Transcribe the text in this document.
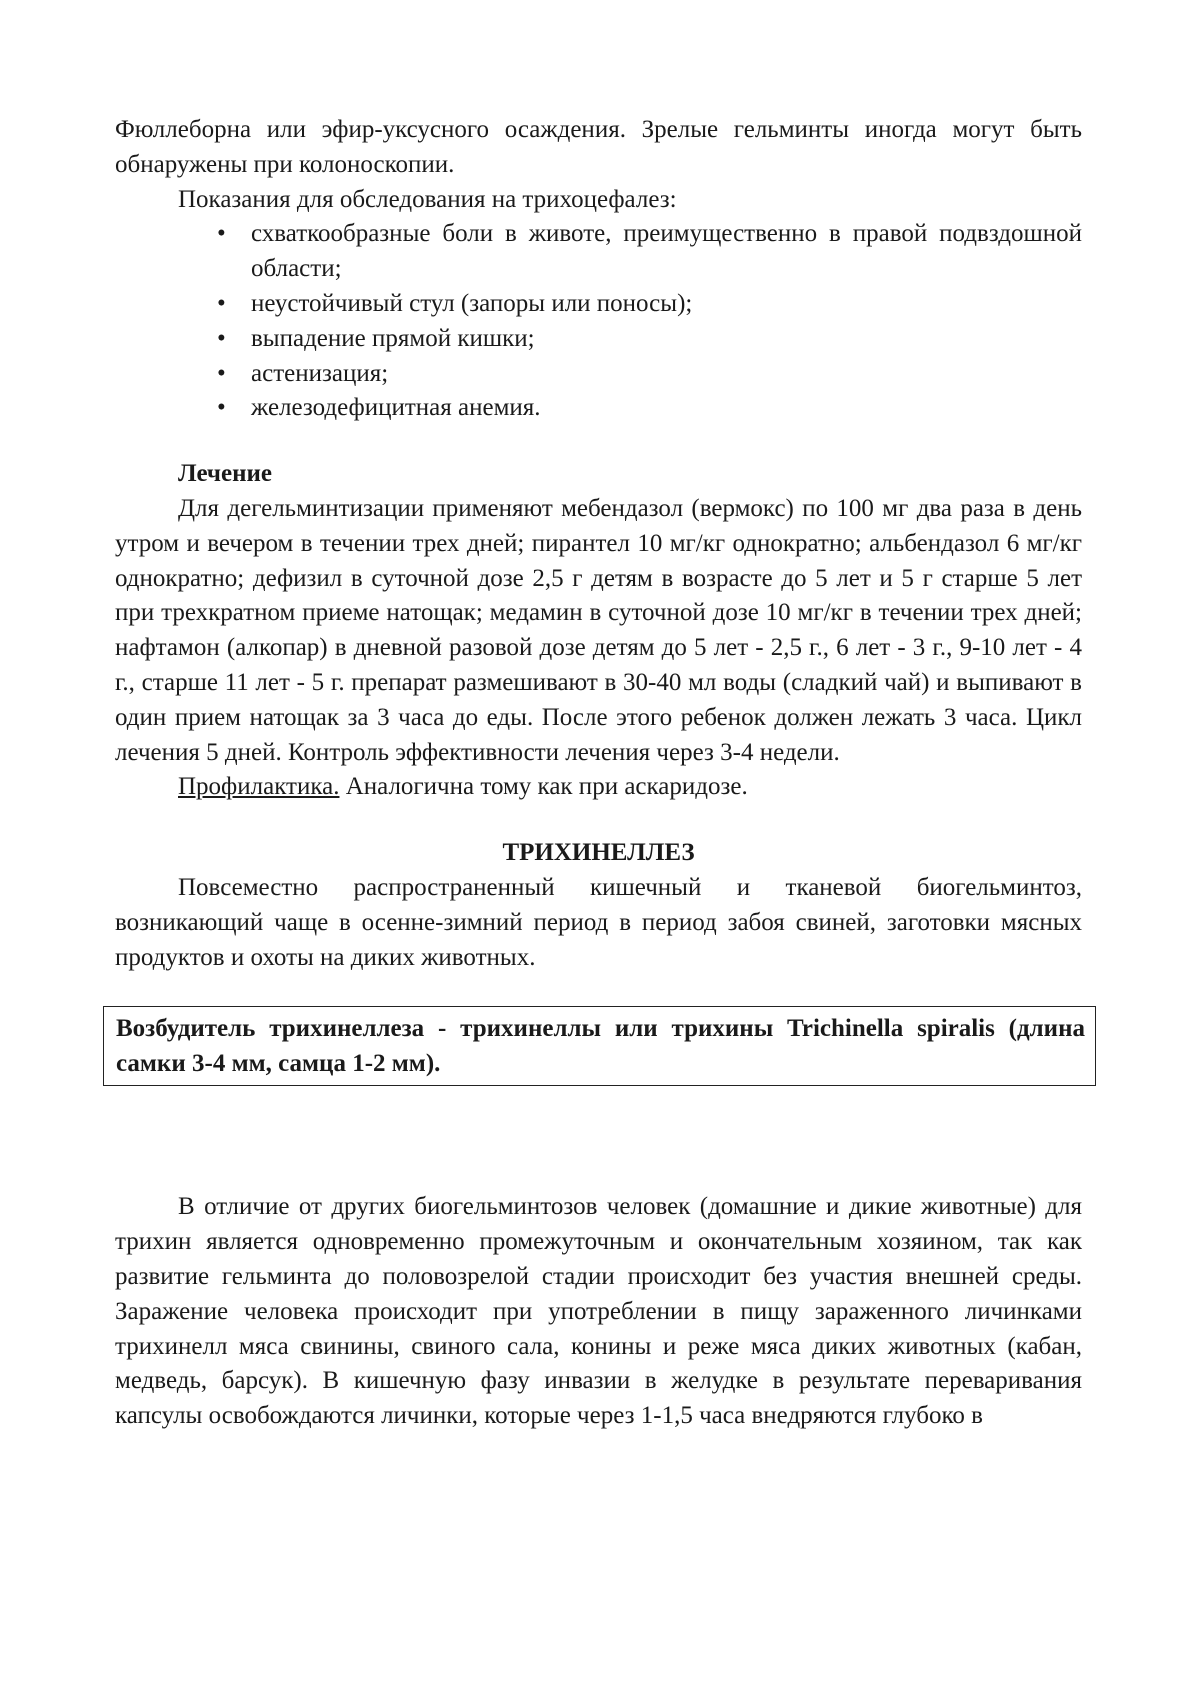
Фюллеборна или эфир-уксусного осаждения. Зрелые гельминты иногда могут быть обнаружены при колоноскопии.

Показания для обследования на трихоцефалез:

• схваткообразные боли в животе, преимущественно в правой подвздошной области;
• неустойчивый стул (запоры или поносы);
• выпадение прямой кишки;
• астенизация;
• железодефицитная анемия.

Лечение

Для дегельминтизации применяют мебендазол (вермокс) по 100 мг два раза в день утром и вечером в течении трех дней; пирантел 10 мг/кг однократно; альбендазол 6 мг/кг однократно; дефизил в суточной дозе 2,5 г детям в возрасте до 5 лет и 5 г старше 5 лет при трехкратном приеме натощак; медамин в суточной дозе 10 мг/кг в течении трех дней; нафтамон (алкопар) в дневной разовой дозе детям до 5 лет - 2,5 г., 6 лет - 3 г., 9-10 лет - 4 г., старше 11 лет - 5 г. препарат размешивают в 30-40 мл воды (сладкий чай) и выпивают в один прием натощак за 3 часа до еды. После этого ребенок должен лежать 3 часа. Цикл лечения 5 дней. Контроль эффективности лечения через 3-4 недели.

Профилактика. Аналогична тому как при аскаридозе.

ТРИХИНЕЛЛЕЗ

Повсеместно распространенный кишечный и тканевой биогельминтоз, возникающий чаще в осенне-зимний период в период забоя свиней, заготовки мясных продуктов и охоты на диких животных.

Возбудитель трихинеллеза - трихинеллы или трихины Trichinella spiralis (длина самки 3-4 мм, самца 1-2 мм).

В отличие от других биогельминтозов человек (домашние и дикие животные) для трихин является одновременно промежуточным и окончательным хозяином, так как развитие гельминта до половозрелой стадии происходит без участия внешней среды. Заражение человека происходит при употреблении в пищу зараженного личинками трихинелл мяса свинины, свиного сала, конины и реже мяса диких животных (кабан, медведь, барсук). В кишечную фазу инвазии в желудке в результате переваривания капсулы освобождаются личинки, которые через 1-1,5 часа внедряются глубоко в
